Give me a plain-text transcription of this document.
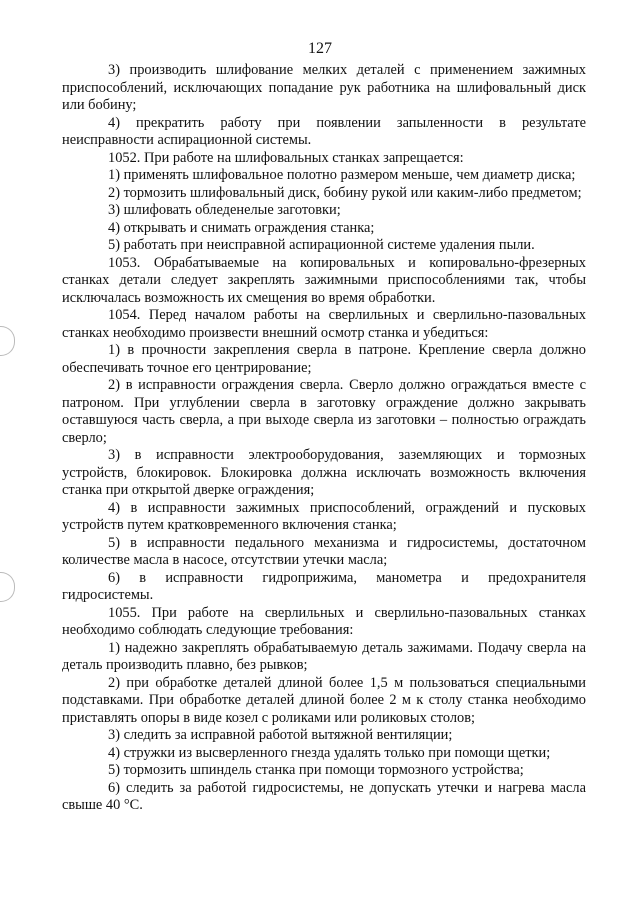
127

3) производить шлифование мелких деталей с применением зажимных приспособлений, исключающих попадание рук работника на шлифовальный диск или бобину;

4) прекратить работу при появлении запыленности в результате неисправности аспирационной системы.

1052. При работе на шлифовальных станках запрещается:

1) применять шлифовальное полотно размером меньше, чем диаметр диска;

2) тормозить шлифовальный диск, бобину рукой или каким-либо предметом;

3) шлифовать обледенелые заготовки;

4) открывать и снимать ограждения станка;

5) работать при неисправной аспирационной системе удаления пыли.

1053. Обрабатываемые на копировальных и копировально-фрезерных станках детали следует закреплять зажимными приспособлениями так, чтобы исключалась возможность их смещения во время обработки.

1054. Перед началом работы на сверлильных и сверлильно-пазовальных станках необходимо произвести внешний осмотр станка и убедиться:

1) в прочности закрепления сверла в патроне. Крепление сверла должно обеспечивать точное его центрирование;

2) в исправности ограждения сверла. Сверло должно ограждаться вместе с патроном. При углублении сверла в заготовку ограждение должно закрывать оставшуюся часть сверла, а при выходе сверла из заготовки – полностью ограждать сверло;

3) в исправности электрооборудования, заземляющих и тормозных устройств, блокировок. Блокировка должна исключать возможность включения станка при открытой дверке ограждения;

4) в исправности зажимных приспособлений, ограждений и пусковых устройств путем кратковременного включения станка;

5) в исправности педального механизма и гидросистемы, достаточном количестве масла в насосе, отсутствии утечки масла;

6) в исправности гидроприжима, манометра и предохранителя гидросистемы.

1055. При работе на сверлильных и сверлильно-пазовальных станках необходимо соблюдать следующие требования:

1) надежно закреплять обрабатываемую деталь зажимами. Подачу сверла на деталь производить плавно, без рывков;

2) при обработке деталей длиной более 1,5 м пользоваться специальными подставками. При обработке деталей длиной более 2 м к столу станка необходимо приставлять опоры в виде козел с роликами или роликовых столов;

3) следить за исправной работой вытяжной вентиляции;

4) стружки из высверленного гнезда удалять только при помощи щетки;

5) тормозить шпиндель станка при помощи тормозного устройства;

6) следить за работой гидросистемы, не допускать утечки и нагрева масла свыше 40 °С.
